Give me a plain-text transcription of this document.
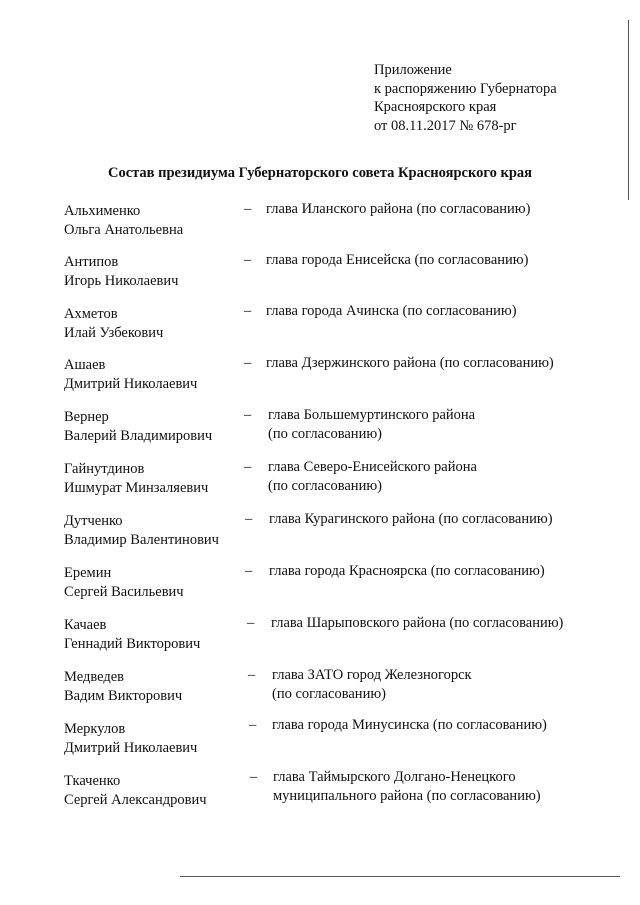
Приложение
к распоряжению Губернатора
Красноярского края
от 08.11.2017 № 678-рг
Состав президиума Губернаторского совета Красноярского края
Альхименко
Ольга Анатольевна
– глава Иланского района (по согласованию)
Антипов
Игорь Николаевич
– глава города Енисейска (по согласованию)
Ахметов
Илай Узбекович
– глава города Ачинска (по согласованию)
Ашаев
Дмитрий Николаевич
– глава Дзержинского района (по согласованию)
Вернер
Валерий Владимирович
– глава Большемуртинского района
(по согласованию)
Гайнутдинов
Ишмурат Минзаляевич
– глава Северо-Енисейского района
(по согласованию)
Дутченко
Владимир Валентинович
– глава Курагинского района (по согласованию)
Еремин
Сергей Васильевич
– глава города Красноярска (по согласованию)
Качаев
Геннадий Викторович
– глава Шарыповского района (по согласованию)
Медведев
Вадим Викторович
– глава ЗАТО город Железногорск
(по согласованию)
Меркулов
Дмитрий Николаевич
– глава города Минусинска (по согласованию)
Ткаченко
Сергей Александрович
– глава Таймырского Долгано-Ненецкого
муниципального района (по согласованию)
